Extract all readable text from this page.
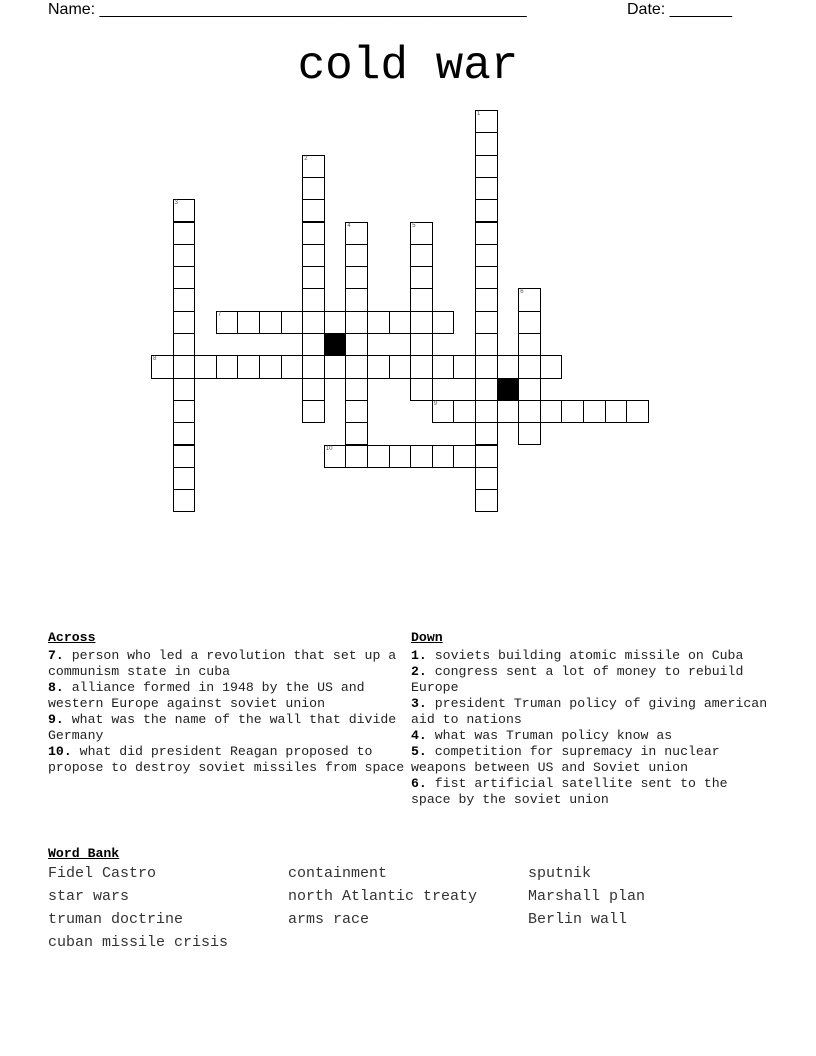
Name: ________________________________________________	Date: _______
cold war
1
2
3
4	5
6
7
8
9
10
Across

7. person who led a revolution that set up a communism state in cuba

8. alliance formed in 1948 by the US and western Europe against soviet union

9. what was the name of the wall that divide Germany

10. what did president Reagan proposed to propose to destroy soviet missiles from space

Down

1. soviets building atomic missile on Cuba

2. congress sent a lot of money to rebuild Europe

3. president Truman policy of giving american aid to nations

4. what was Truman policy know as

5. competition for supremacy in nuclear weapons between US and Soviet union

6. fist artificial satellite sent to the space by the soviet union

Word Bank
Fidel Castro	containment	sputnik
star wars	north Atlantic treaty	Marshall plan
truman doctrine	arms race	Berlin wall
cuban missile crisis
